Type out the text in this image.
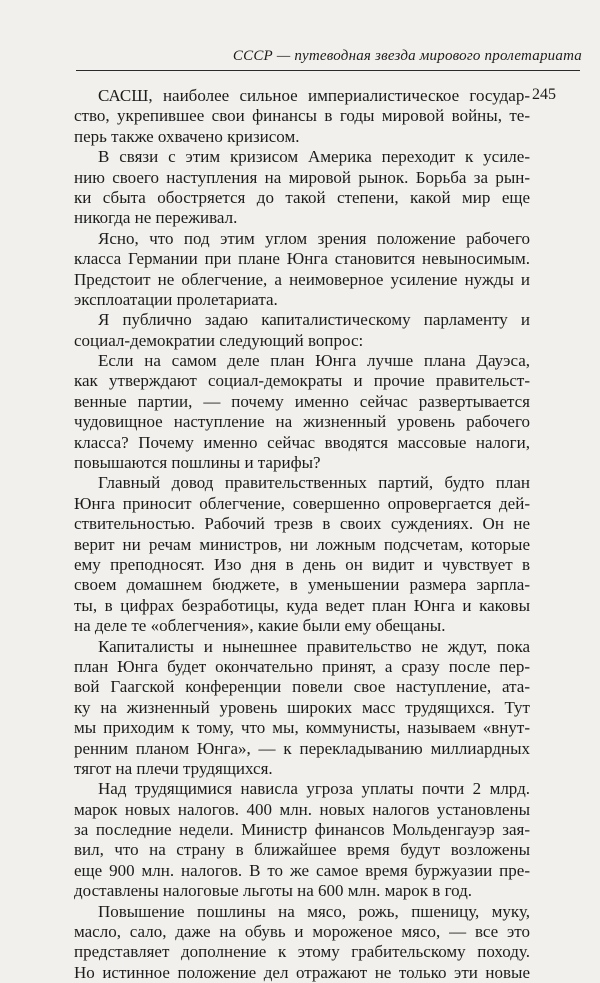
СССР — путеводная звезда мирового пролетариата
245
САСШ, наиболее сильное империалистическое государ-
ство, укрепившее свои финансы в годы мировой войны, те-
перь также охвачено кризисом.
В связи с этим кризисом Америка переходит к усиле-
нию своего наступления на мировой рынок. Борьба за рын-
ки сбыта обостряется до такой степени, какой мир еще
никогда не переживал.
Ясно, что под этим углом зрения положение рабочего
класса Германии при плане Юнга становится невыносимым.
Предстоит не облегчение, а неимоверное усиление нужды и
эксплоатации пролетариата.
Я публично задаю капиталистическому парламенту и
социал-демократии следующий вопрос:
Если на самом деле план Юнга лучше плана Дауэса,
как утверждают социал-демократы и прочие правительст-
венные партии, — почему именно сейчас развертывается
чудовищное наступление на жизненный уровень рабочего
класса? Почему именно сейчас вводятся массовые налоги,
повышаются пошлины и тарифы?
Главный довод правительственных партий, будто план
Юнга приносит облегчение, совершенно опровергается дей-
ствительностью. Рабочий трезв в своих суждениях. Он не
верит ни речам министров, ни ложным подсчетам, которые
ему преподносят. Изо дня в день он видит и чувствует в
своем домашнем бюджете, в уменьшении размера зарпла-
ты, в цифрах безработицы, куда ведет план Юнга и каковы
на деле те «облегчения», какие были ему обещаны.
Капиталисты и нынешнее правительство не ждут, пока
план Юнга будет окончательно принят, а сразу после пер-
вой Гаагской конференции повели свое наступление, ата-
ку на жизненный уровень широких масс трудящихся. Тут
мы приходим к тому, что мы, коммунисты, называем «внут-
ренним планом Юнга», — к перекладыванию миллиардных
тягот на плечи трудящихся.
Над трудящимися нависла угроза уплаты почти 2 млрд.
марок новых налогов. 400 млн. новых налогов установлены
за последние недели. Министр финансов Мольденгауэр зая-
вил, что на страну в ближайшее время будут возложены
еще 900 млн. налогов. В то же самое время буржуазии пре-
доставлены налоговые льготы на 600 млн. марок в год.
Повышение пошлины на мясо, рожь, пшеницу, муку,
масло, сало, даже на обувь и мороженое мясо, — все это
представляет дополнение к этому грабительскому походу.
Но истинное положение дел отражают не только эти новые
